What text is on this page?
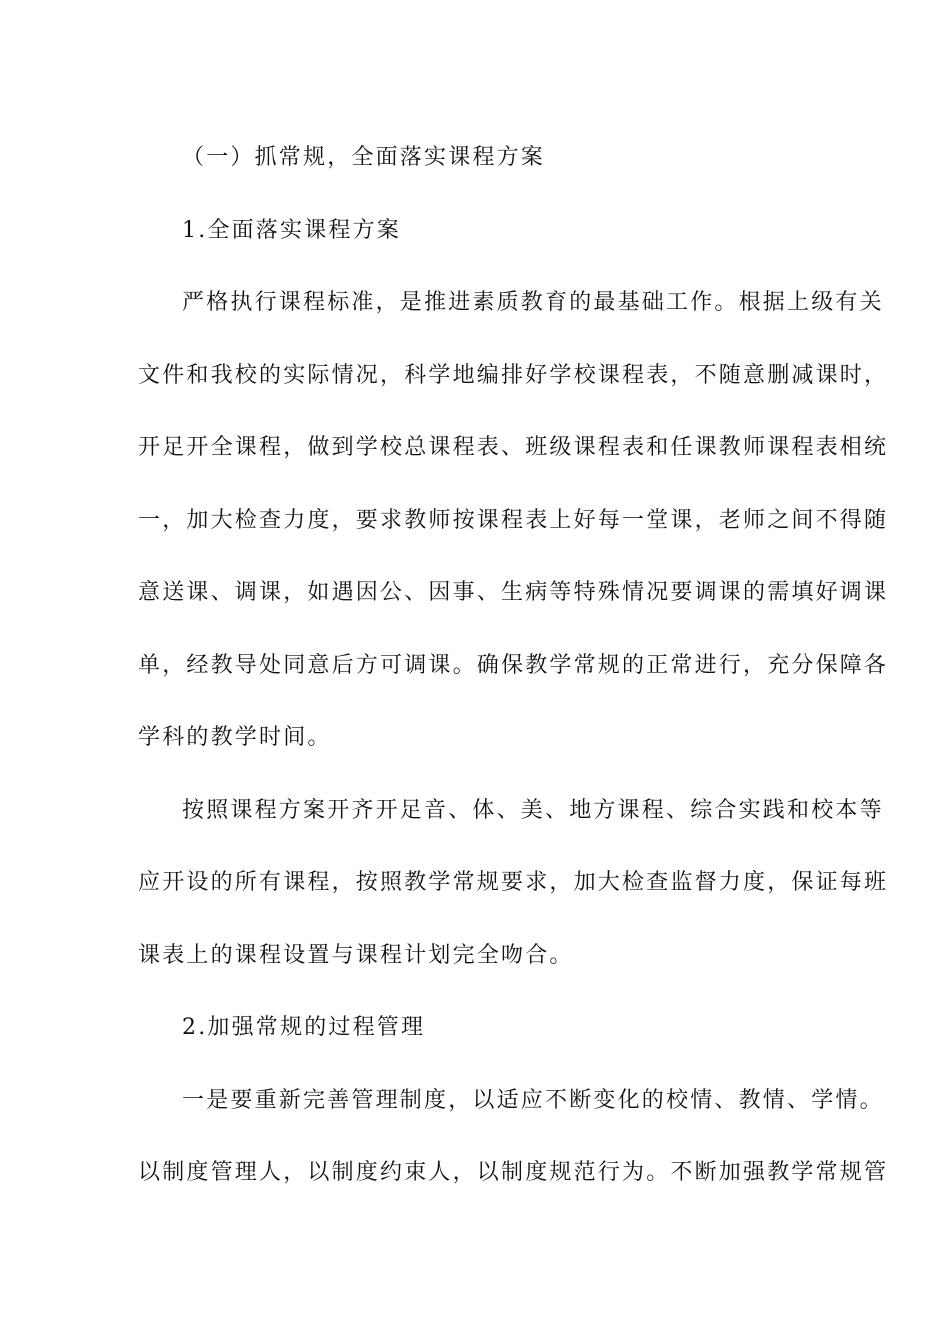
（一）抓常规，全面落实课程方案
1.全面落实课程方案
严格执行课程标准，是推进素质教育的最基础工作。根据上级有关
文件和我校的实际情况，科学地编排好学校课程表，不随意删减课时，
开足开全课程，做到学校总课程表、班级课程表和任课教师课程表相统
一，加大检查力度，要求教师按课程表上好每一堂课，老师之间不得随
意送课、调课，如遇因公、因事、生病等特殊情况要调课的需填好调课
单，经教导处同意后方可调课。确保教学常规的正常进行，充分保障各
学科的教学时间。
按照课程方案开齐开足音、体、美、地方课程、综合实践和校本等
应开设的所有课程，按照教学常规要求，加大检查监督力度，保证每班
课表上的课程设置与课程计划完全吻合。
2.加强常规的过程管理
一是要重新完善管理制度，以适应不断变化的校情、教情、学情。
以制度管理人，以制度约束人，以制度规范行为。不断加强教学常规管
